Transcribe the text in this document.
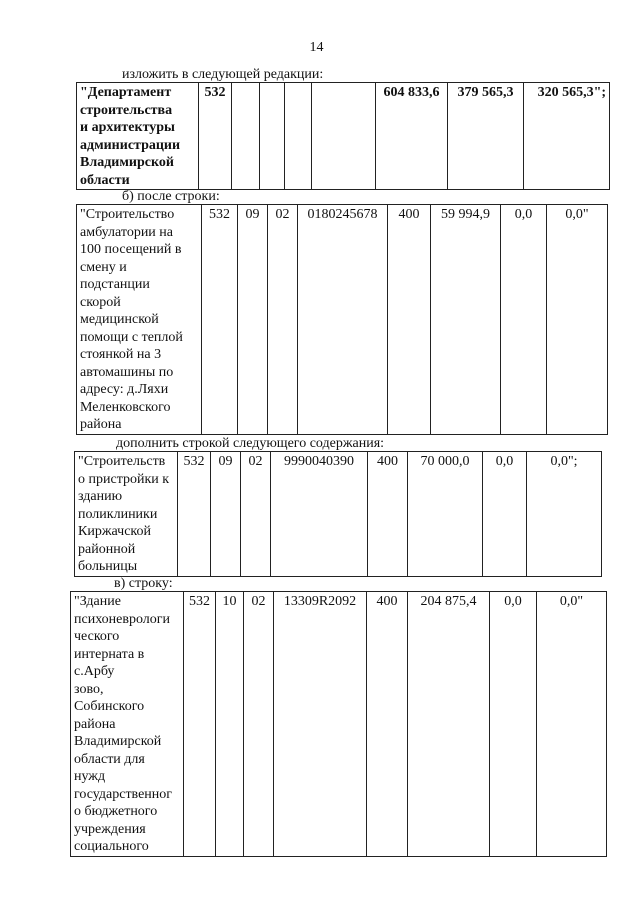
14
изложить в следующей редакции:
"Департамент
строительства
и архитектуры
администрации
Владимирской
области
	532					604 833,6	379 565,3	320 565,3";
б) после строки:
"Строительство
амбулатории на
100 посещений в
смену и
подстанции
скорой
медицинской
помощи с теплой
стоянкой на 3
автомашины по
адресу: д.Ляхи
Меленковского
района
	532	09	02	0180245678	400	59 994,9	0,0	0,0"
дополнить строкой следующего содержания:
"Строительств
о пристройки к
зданию
поликлиники
Киржачской
районной
больницы
	532	09	02	9990040390	400	70 000,0	0,0	0,0";
в) строку:
"Здание
психоневрологи
ческого
интерната в
с.Арбу
зово,
Собинского
района
Владимирской
области для
нужд
государственног
о бюджетного
учреждения
социального
	532	10	02	13309R2092	400	204 875,4	0,0	0,0"
